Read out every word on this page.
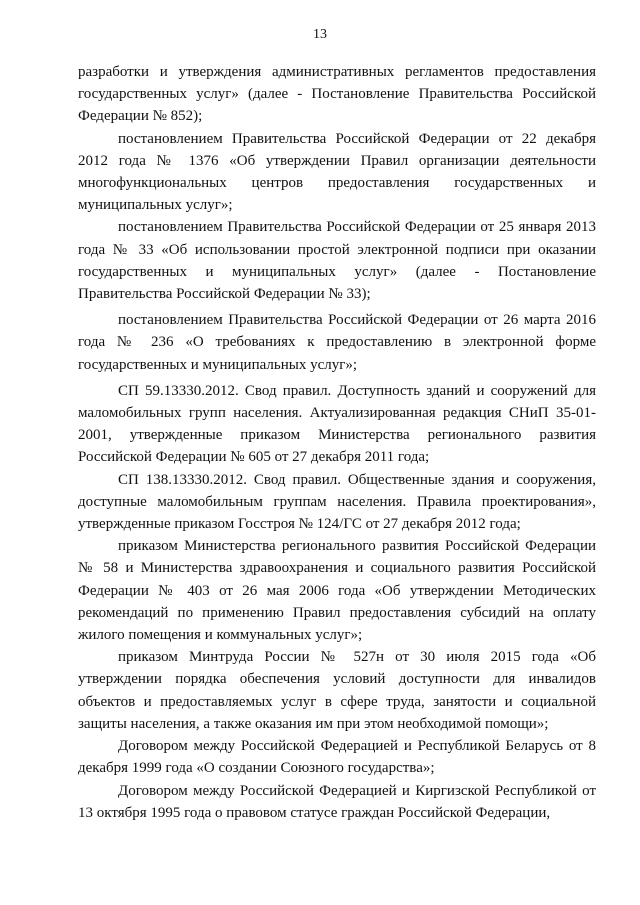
13

разработки и утверждения административных регламентов предоставления государственных услуг» (далее - Постановление Правительства Российской Федерации № 852);

постановлением Правительства Российской Федерации от 22 декабря 2012 года № 1376 «Об утверждении Правил организации деятельности многофункциональных центров предоставления государственных и муниципальных услуг»;

постановлением Правительства Российской Федерации от 25 января 2013 года № 33 «Об использовании простой электронной подписи при оказании государственных и муниципальных услуг» (далее - Постановление Правительства Российской Федерации № 33);

постановлением Правительства Российской Федерации от 26 марта 2016 года № 236 «О требованиях к предоставлению в электронной форме государственных и муниципальных услуг»;

СП 59.13330.2012. Свод правил. Доступность зданий и сооружений для маломобильных групп населения. Актуализированная редакция СНиП 35-01-2001, утвержденные приказом Министерства регионального развития Российской Федерации № 605 от 27 декабря 2011 года;

СП 138.13330.2012. Свод правил. Общественные здания и сооружения, доступные маломобильным группам населения. Правила проектирования», утвержденные приказом Госстроя № 124/ГС от 27 декабря 2012 года;

приказом Министерства регионального развития Российской Федерации № 58 и Министерства здравоохранения и социального развития Российской Федерации № 403 от 26 мая 2006 года «Об утверждении Методических рекомендаций по применению Правил предоставления субсидий на оплату жилого помещения и коммунальных услуг»;

приказом Минтруда России № 527н от 30 июля 2015 года «Об утверждении порядка обеспечения условий доступности для инвалидов объектов и предоставляемых услуг в сфере труда, занятости и социальной защиты населения, а также оказания им при этом необходимой помощи»;

Договором между Российской Федерацией и Республикой Беларусь от 8 декабря 1999 года «О создании Союзного государства»;

Договором между Российской Федерацией и Киргизской Республикой от 13 октября 1995 года о правовом статусе граждан Российской Федерации,
